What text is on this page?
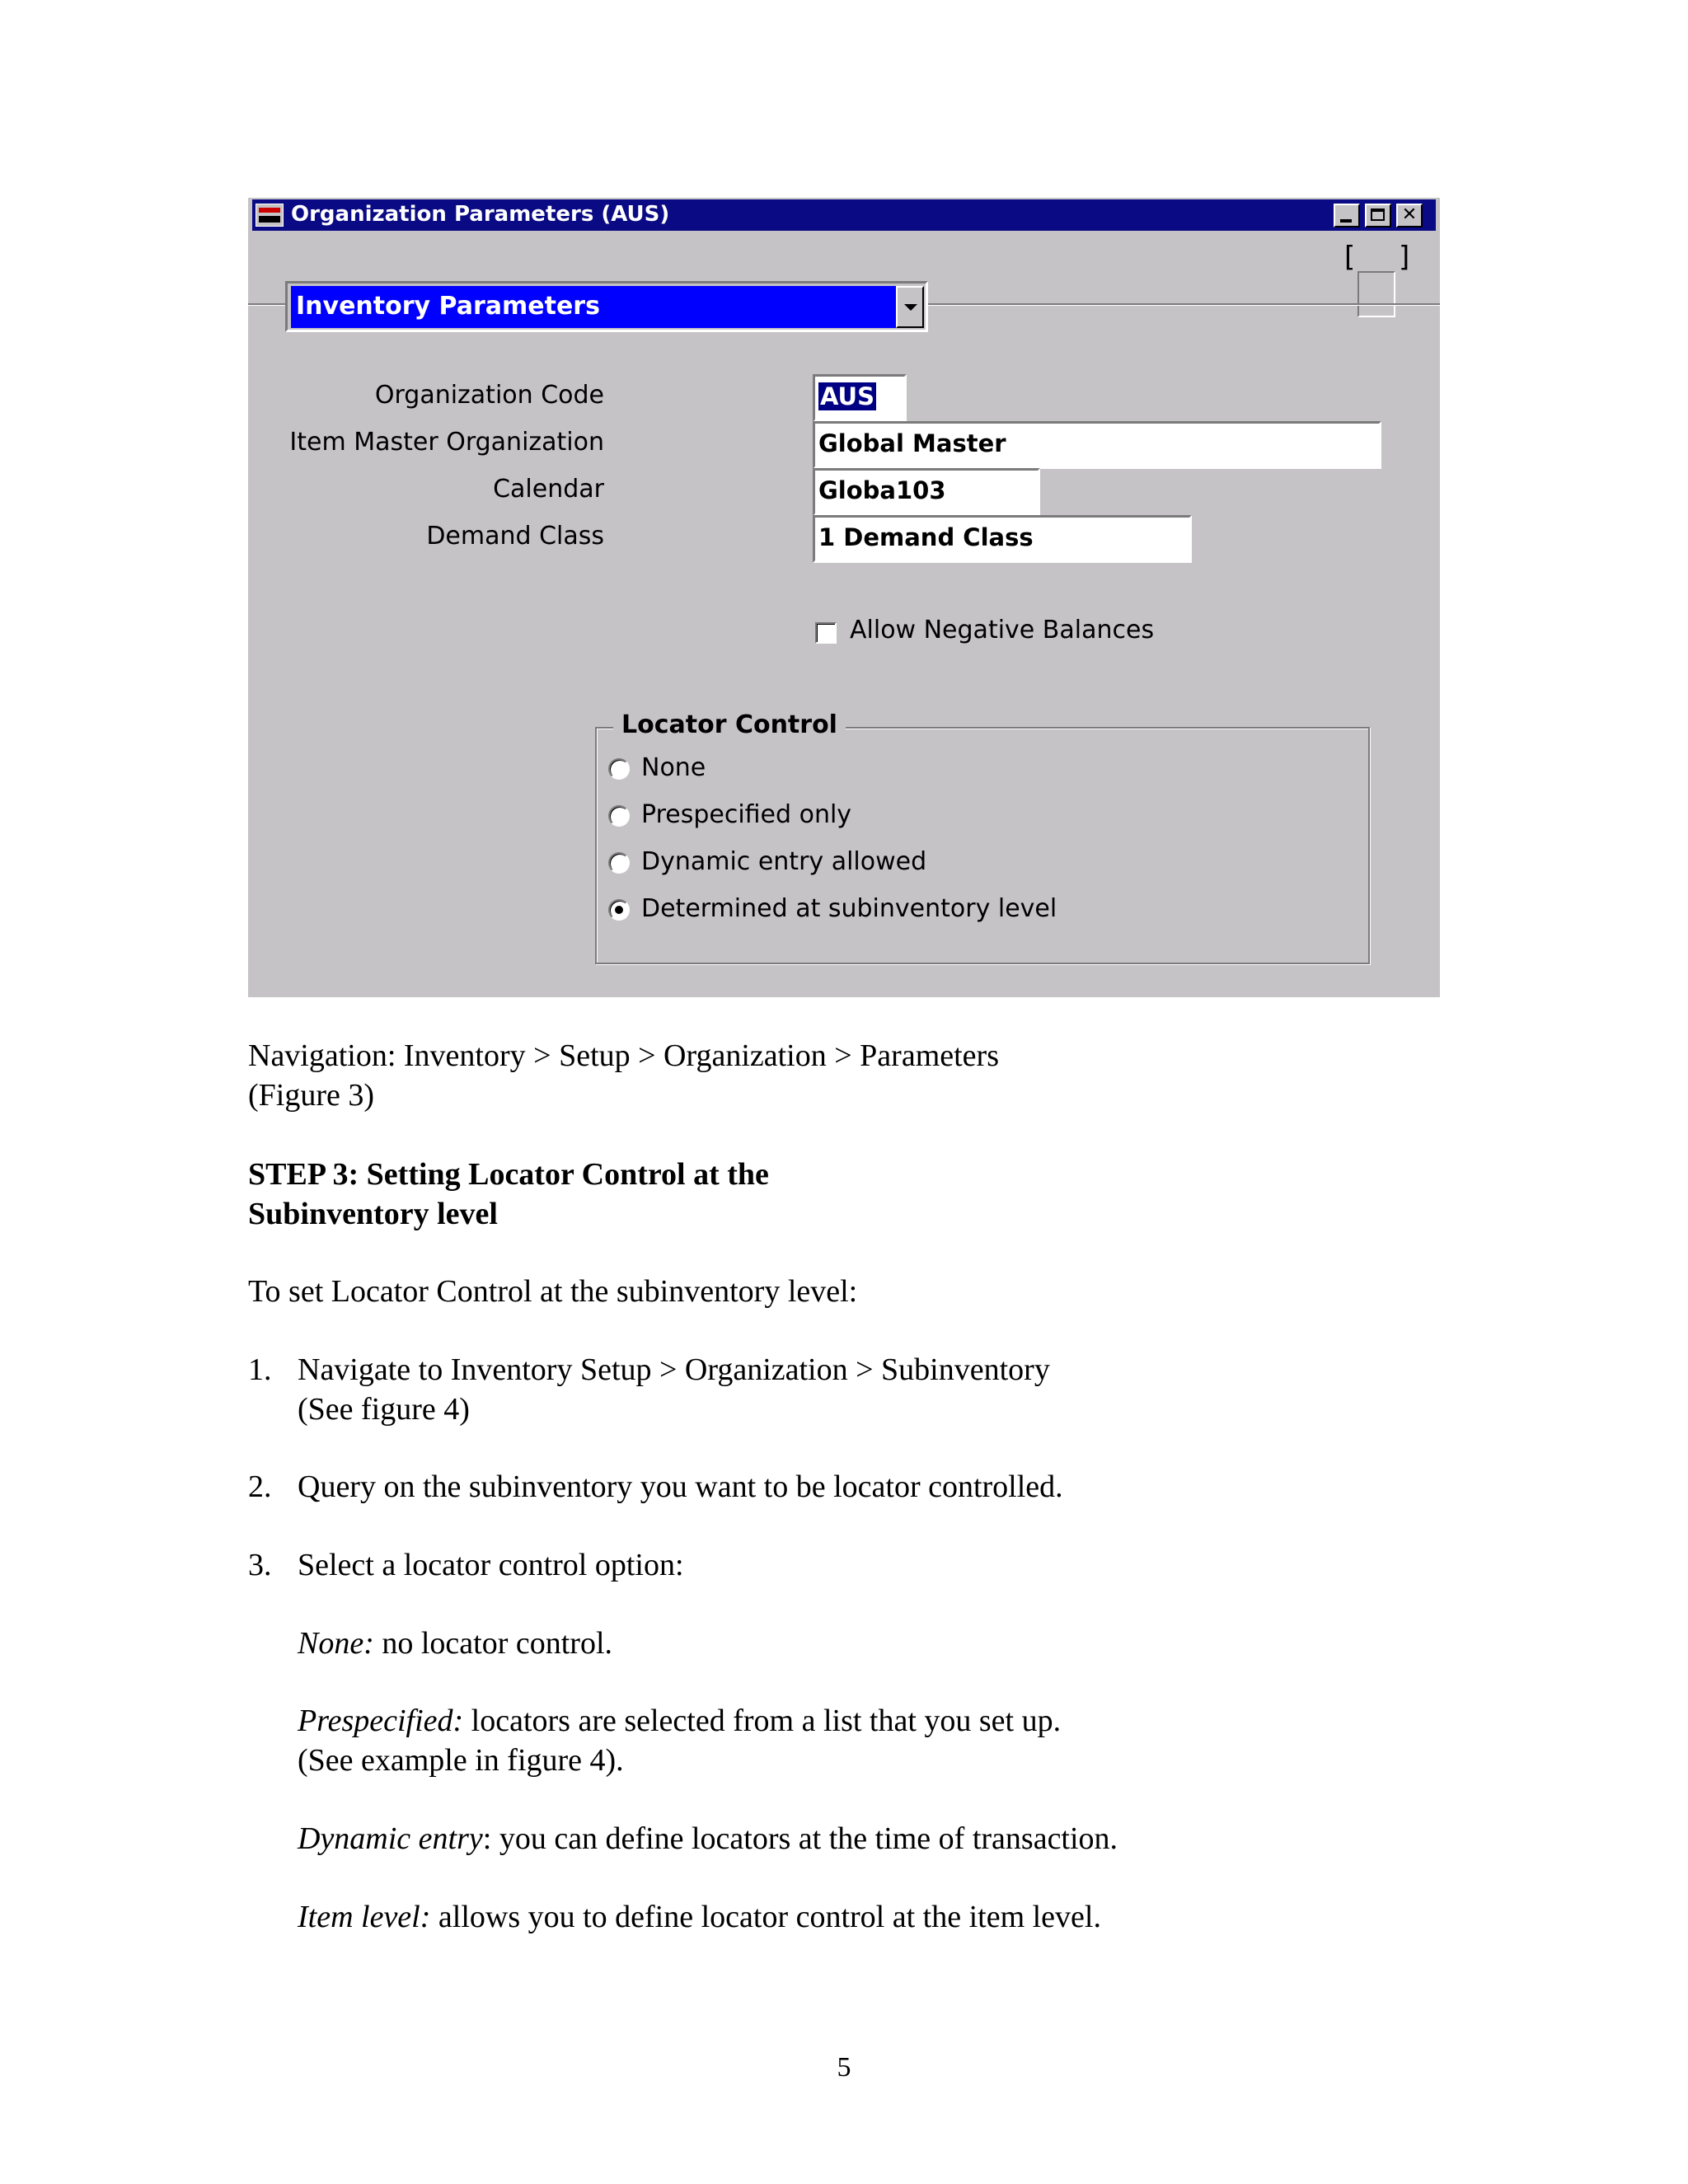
Organization Parameters (AUS)	✕
[ ]
Inventory Parameters
Organization Code	AUS
Item Master Organization	Global Master
Calendar	Globa103
Demand Class	1 Demand Class
Allow Negative Balances
Locator Control
None
Prespecified only
Dynamic entry allowed
Determined at subinventory level
Navigation: Inventory > Setup > Organization > Parameters
(Figure 3)
STEP 3: Setting Locator Control at the
Subinventory level
To set Locator Control at the subinventory level:
1. Navigate to Inventory Setup > Organization > Subinventory
(See figure 4)
2. Query on the subinventory you want to be locator controlled.
3. Select a locator control option:
None: no locator control.
Prespecified: locators are selected from a list that you set up.
(See example in figure 4).
Dynamic entry: you can define locators at the time of transaction.
Item level: allows you to define locator control at the item level.
5
